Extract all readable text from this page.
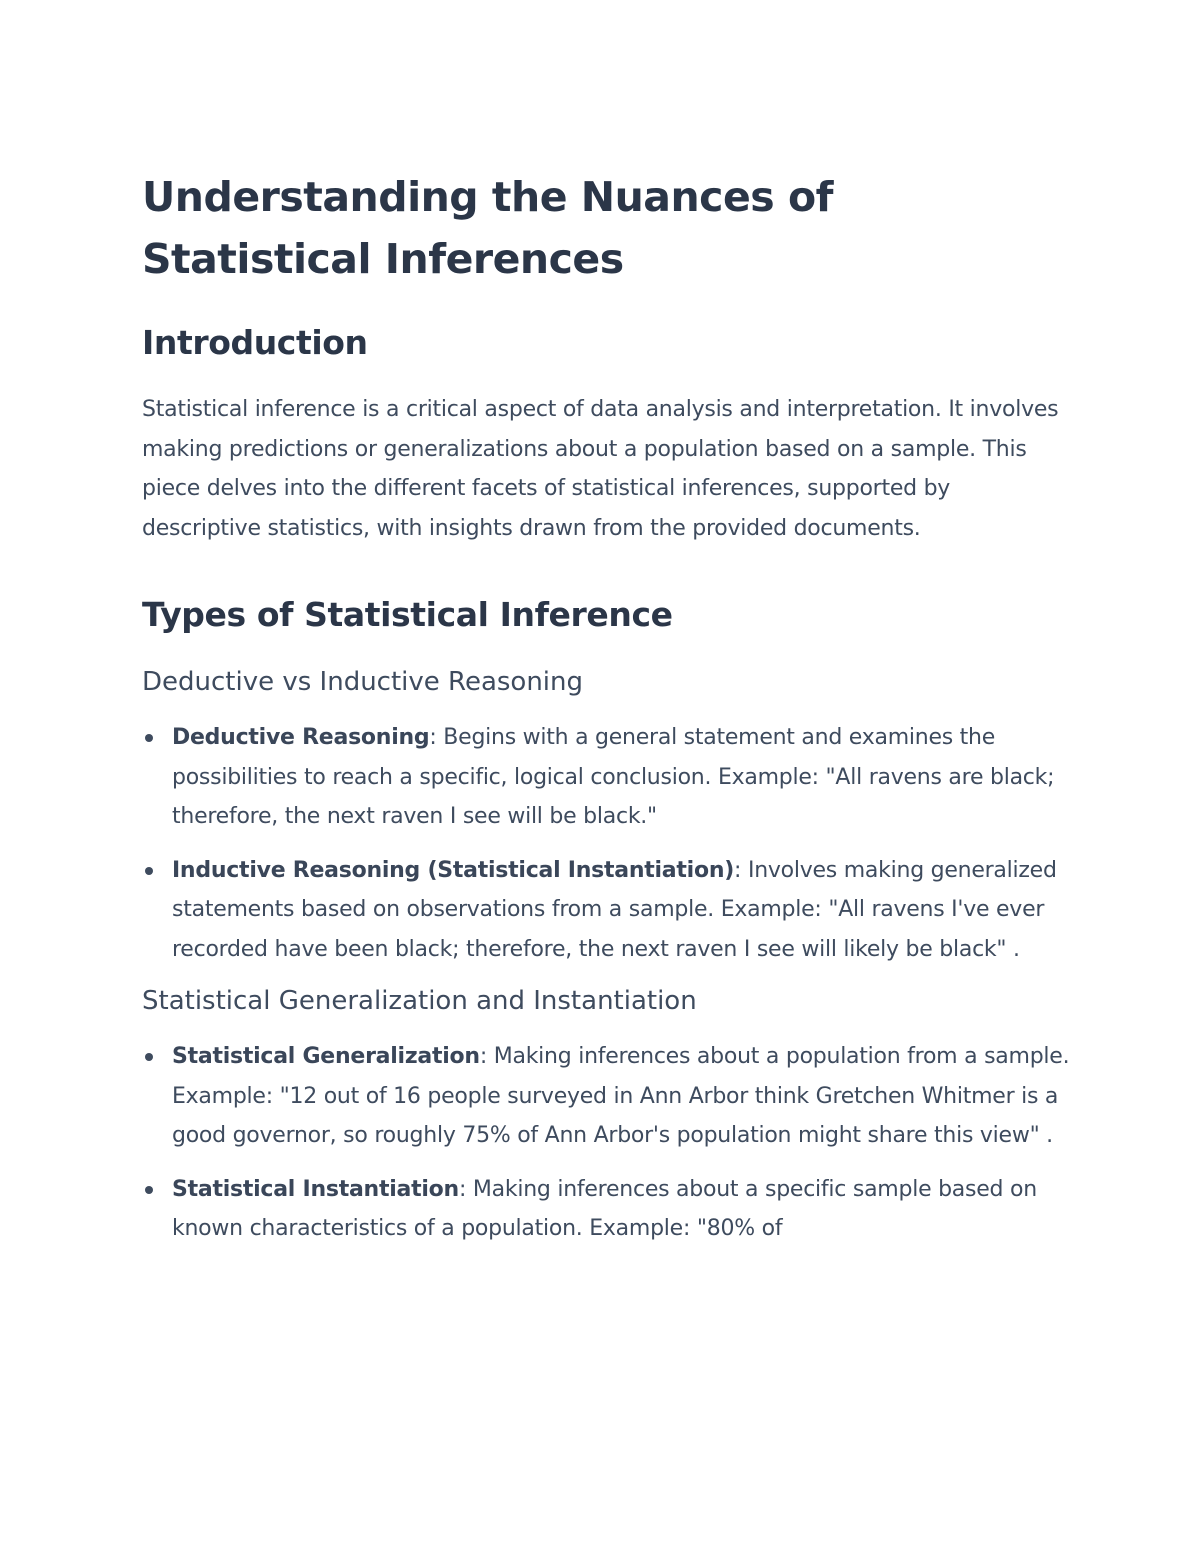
Understanding the Nuances of Statistical Inferences
Introduction

Statistical inference is a critical aspect of data analysis and interpretation. It involves making predictions or generalizations about a population based on a sample. This piece delves into the different facets of statistical inferences, supported by descriptive statistics, with insights drawn from the provided documents.

Types of Statistical Inference
Deductive vs Inductive Reasoning
Deductive Reasoning: Begins with a general statement and examines the possibilities to reach a specific, logical conclusion. Example: "All ravens are black; therefore, the next raven I see will be black."
Inductive Reasoning (Statistical Instantiation): Involves making generalized statements based on observations from a sample. Example: "All ravens I've ever recorded have been black; therefore, the next raven I see will likely be black" .
Statistical Generalization and Instantiation
Statistical Generalization: Making inferences about a population from a sample. Example: "12 out of 16 people surveyed in Ann Arbor think Gretchen Whitmer is a good governor, so roughly 75% of Ann Arbor's population might share this view" .
Statistical Instantiation: Making inferences about a specific sample based on known characteristics of a population. Example: "80% of
